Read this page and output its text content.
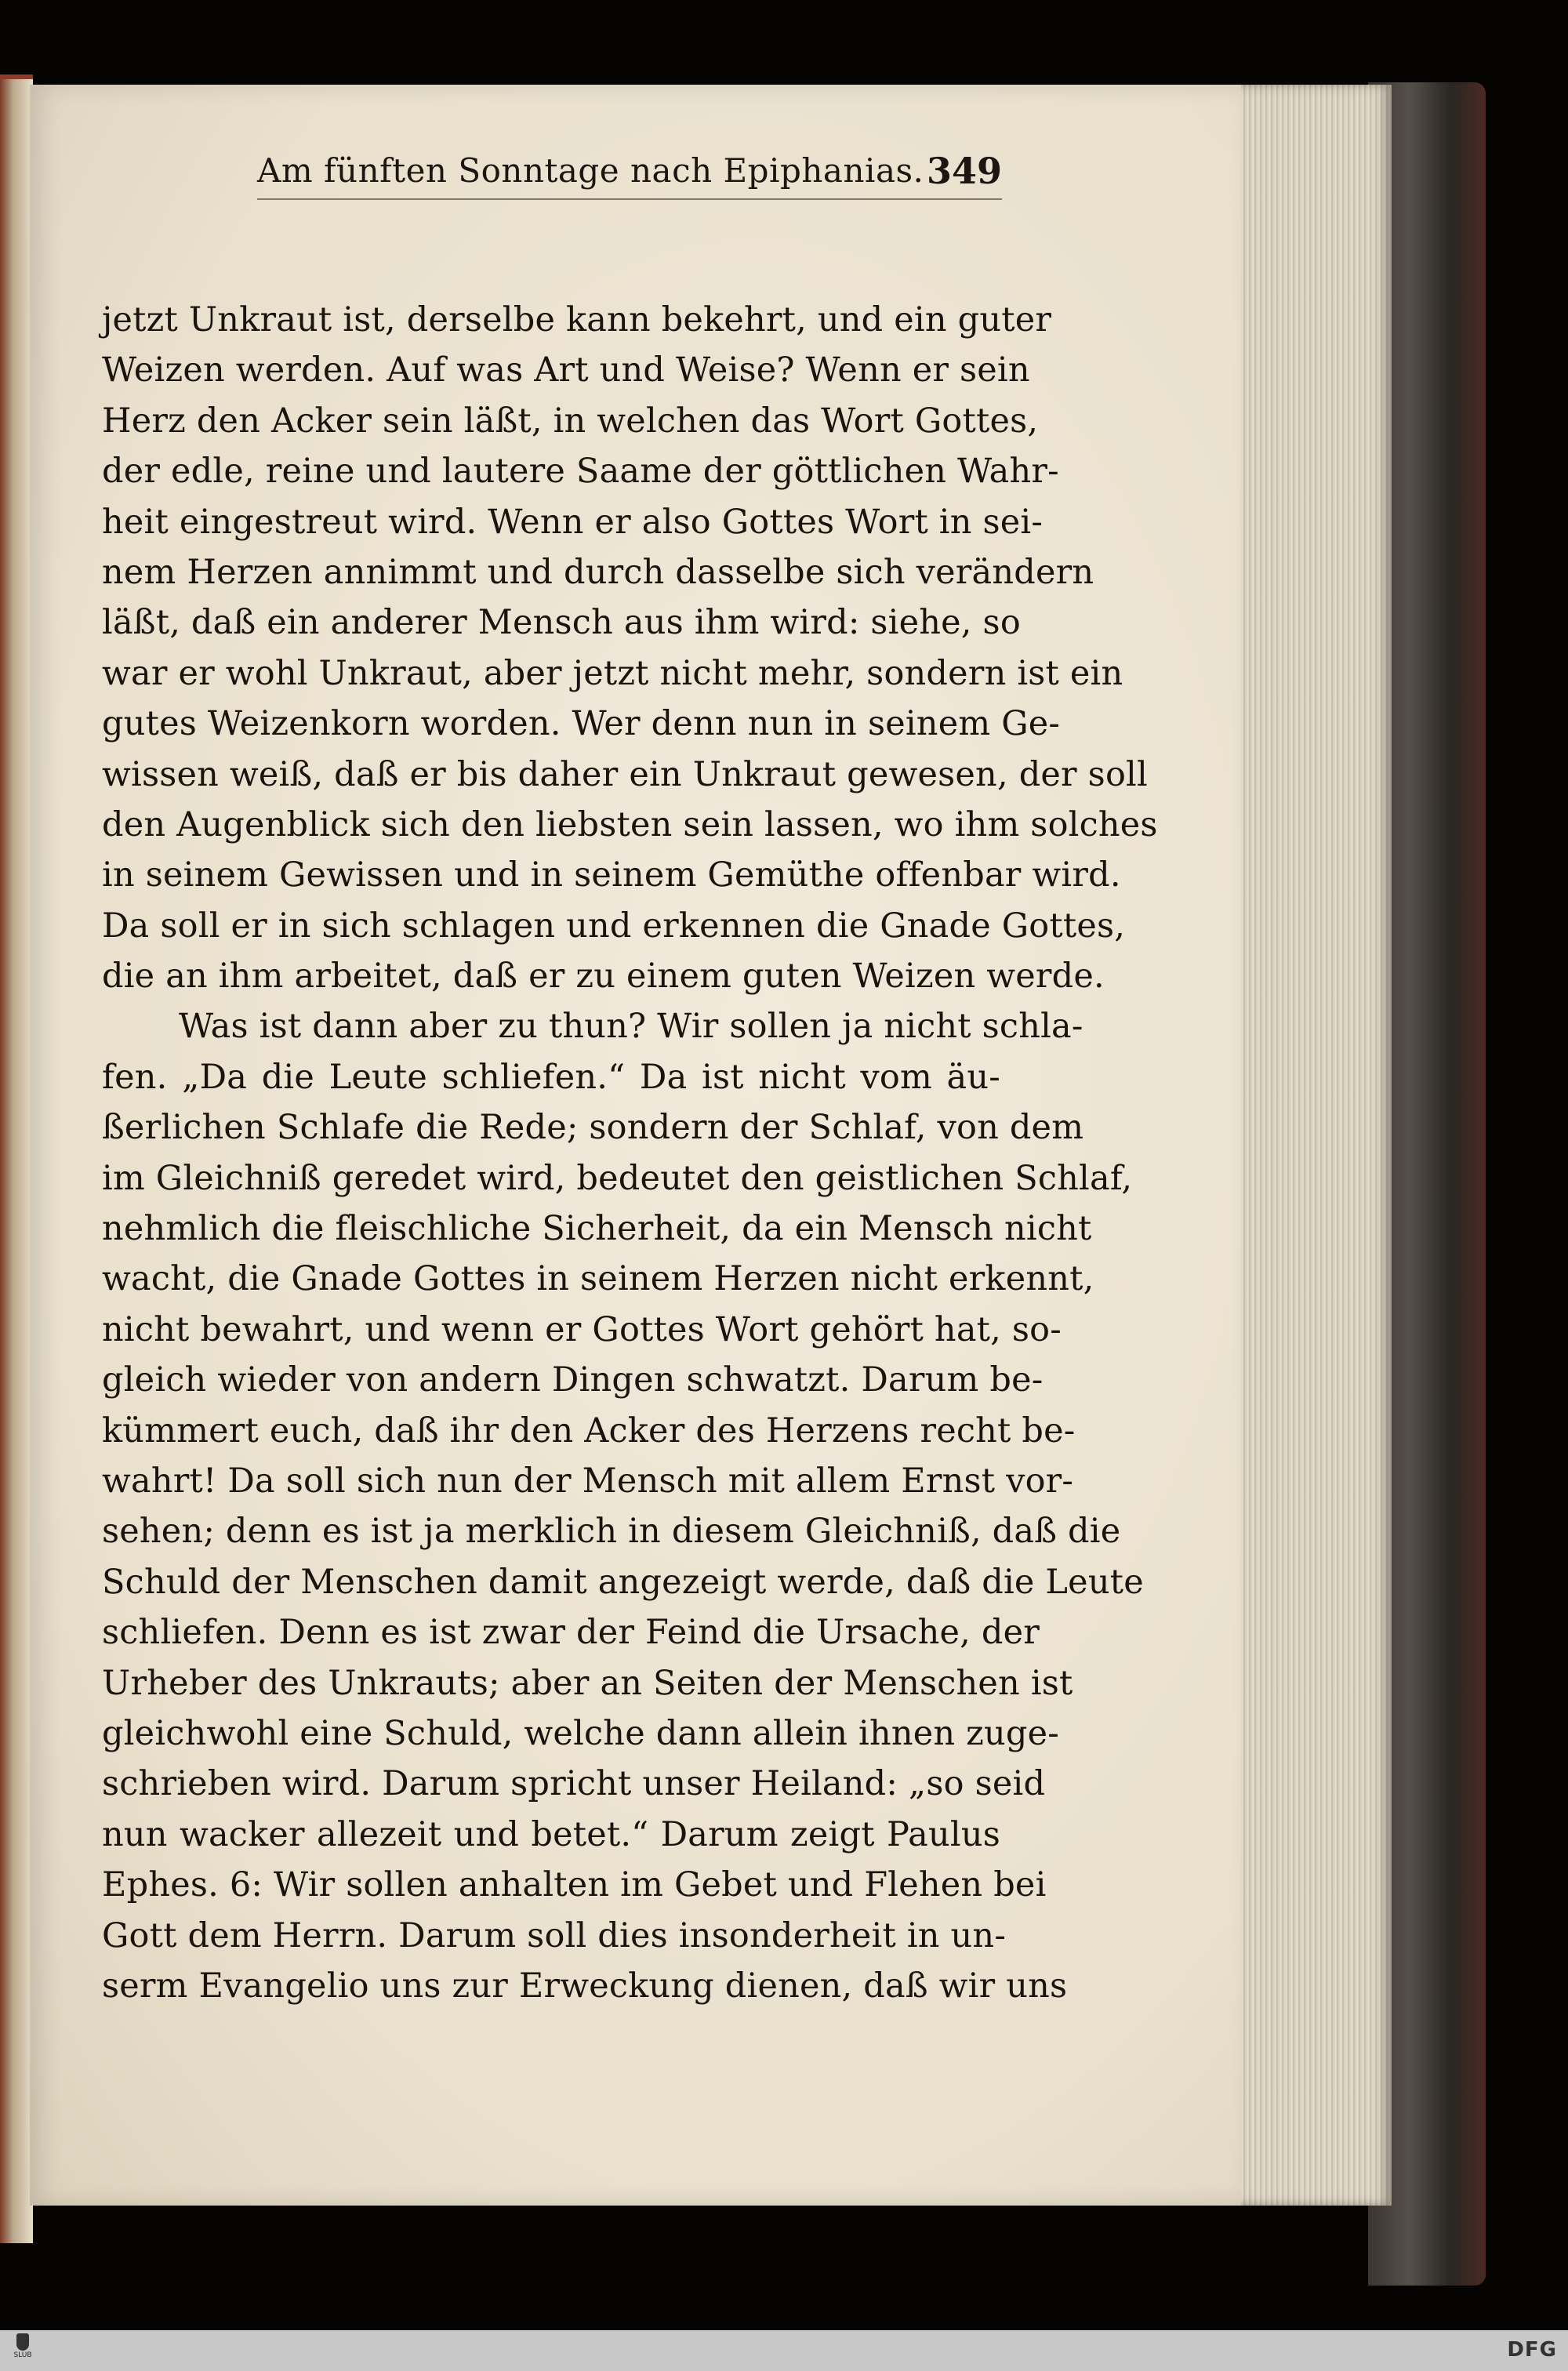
Am fünften Sonntage nach Epiphanias. 349
jetzt Unkraut ist, derselbe kann bekehrt, und ein guter
Weizen werden. Auf was Art und Weise? Wenn er sein
Herz den Acker sein läßt, in welchen das Wort Gottes,
der edle, reine und lautere Saame der göttlichen Wahr-
heit eingestreut wird. Wenn er also Gottes Wort in sei-
nem Herzen annimmt und durch dasselbe sich verändern
läßt, daß ein anderer Mensch aus ihm wird: siehe, so
war er wohl Unkraut, aber jetzt nicht mehr, sondern ist ein
gutes Weizenkorn worden. Wer denn nun in seinem Ge-
wissen weiß, daß er bis daher ein Unkraut gewesen, der soll
den Augenblick sich den liebsten sein lassen, wo ihm solches
in seinem Gewissen und in seinem Gemüthe offenbar wird.
Da soll er in sich schlagen und erkennen die Gnade Gottes,
die an ihm arbeitet, daß er zu einem guten Weizen werde.
Was ist dann aber zu thun? Wir sollen ja nicht schla-
fen. „Da die Leute schliefen.“ Da ist nicht vom äu-
ßerlichen Schlafe die Rede; sondern der Schlaf, von dem
im Gleichniß geredet wird, bedeutet den geistlichen Schlaf,
nehmlich die fleischliche Sicherheit, da ein Mensch nicht
wacht, die Gnade Gottes in seinem Herzen nicht erkennt,
nicht bewahrt, und wenn er Gottes Wort gehört hat, so-
gleich wieder von andern Dingen schwatzt. Darum be-
kümmert euch, daß ihr den Acker des Herzens recht be-
wahrt! Da soll sich nun der Mensch mit allem Ernst vor-
sehen; denn es ist ja merklich in diesem Gleichniß, daß die
Schuld der Menschen damit angezeigt werde, daß die Leute
schliefen. Denn es ist zwar der Feind die Ursache, der
Urheber des Unkrauts; aber an Seiten der Menschen ist
gleichwohl eine Schuld, welche dann allein ihnen zuge-
schrieben wird. Darum spricht unser Heiland: „so seid
nun wacker allezeit und betet.“ Darum zeigt Paulus
Ephes. 6: Wir sollen anhalten im Gebet und Flehen bei
Gott dem Herrn. Darum soll dies insonderheit in un-
serm Evangelio uns zur Erweckung dienen, daß wir uns
SLUB	DFG
